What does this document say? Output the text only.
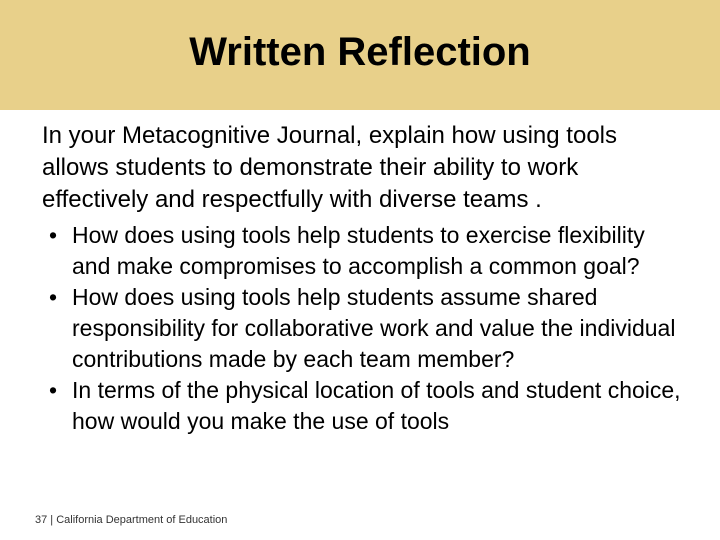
Written Reflection

In your Metacognitive Journal, explain how using tools allows students to demonstrate their ability to work effectively and respectfully with diverse teams .

• How does using tools help students to exercise flexibility and make compromises to accomplish a common goal?
• How does using tools help students assume shared responsibility for collaborative work and value the individual contributions made by each team member?
• In terms of the physical location of tools and student choice, how would you make the use of tools
37 | California Department of Education
